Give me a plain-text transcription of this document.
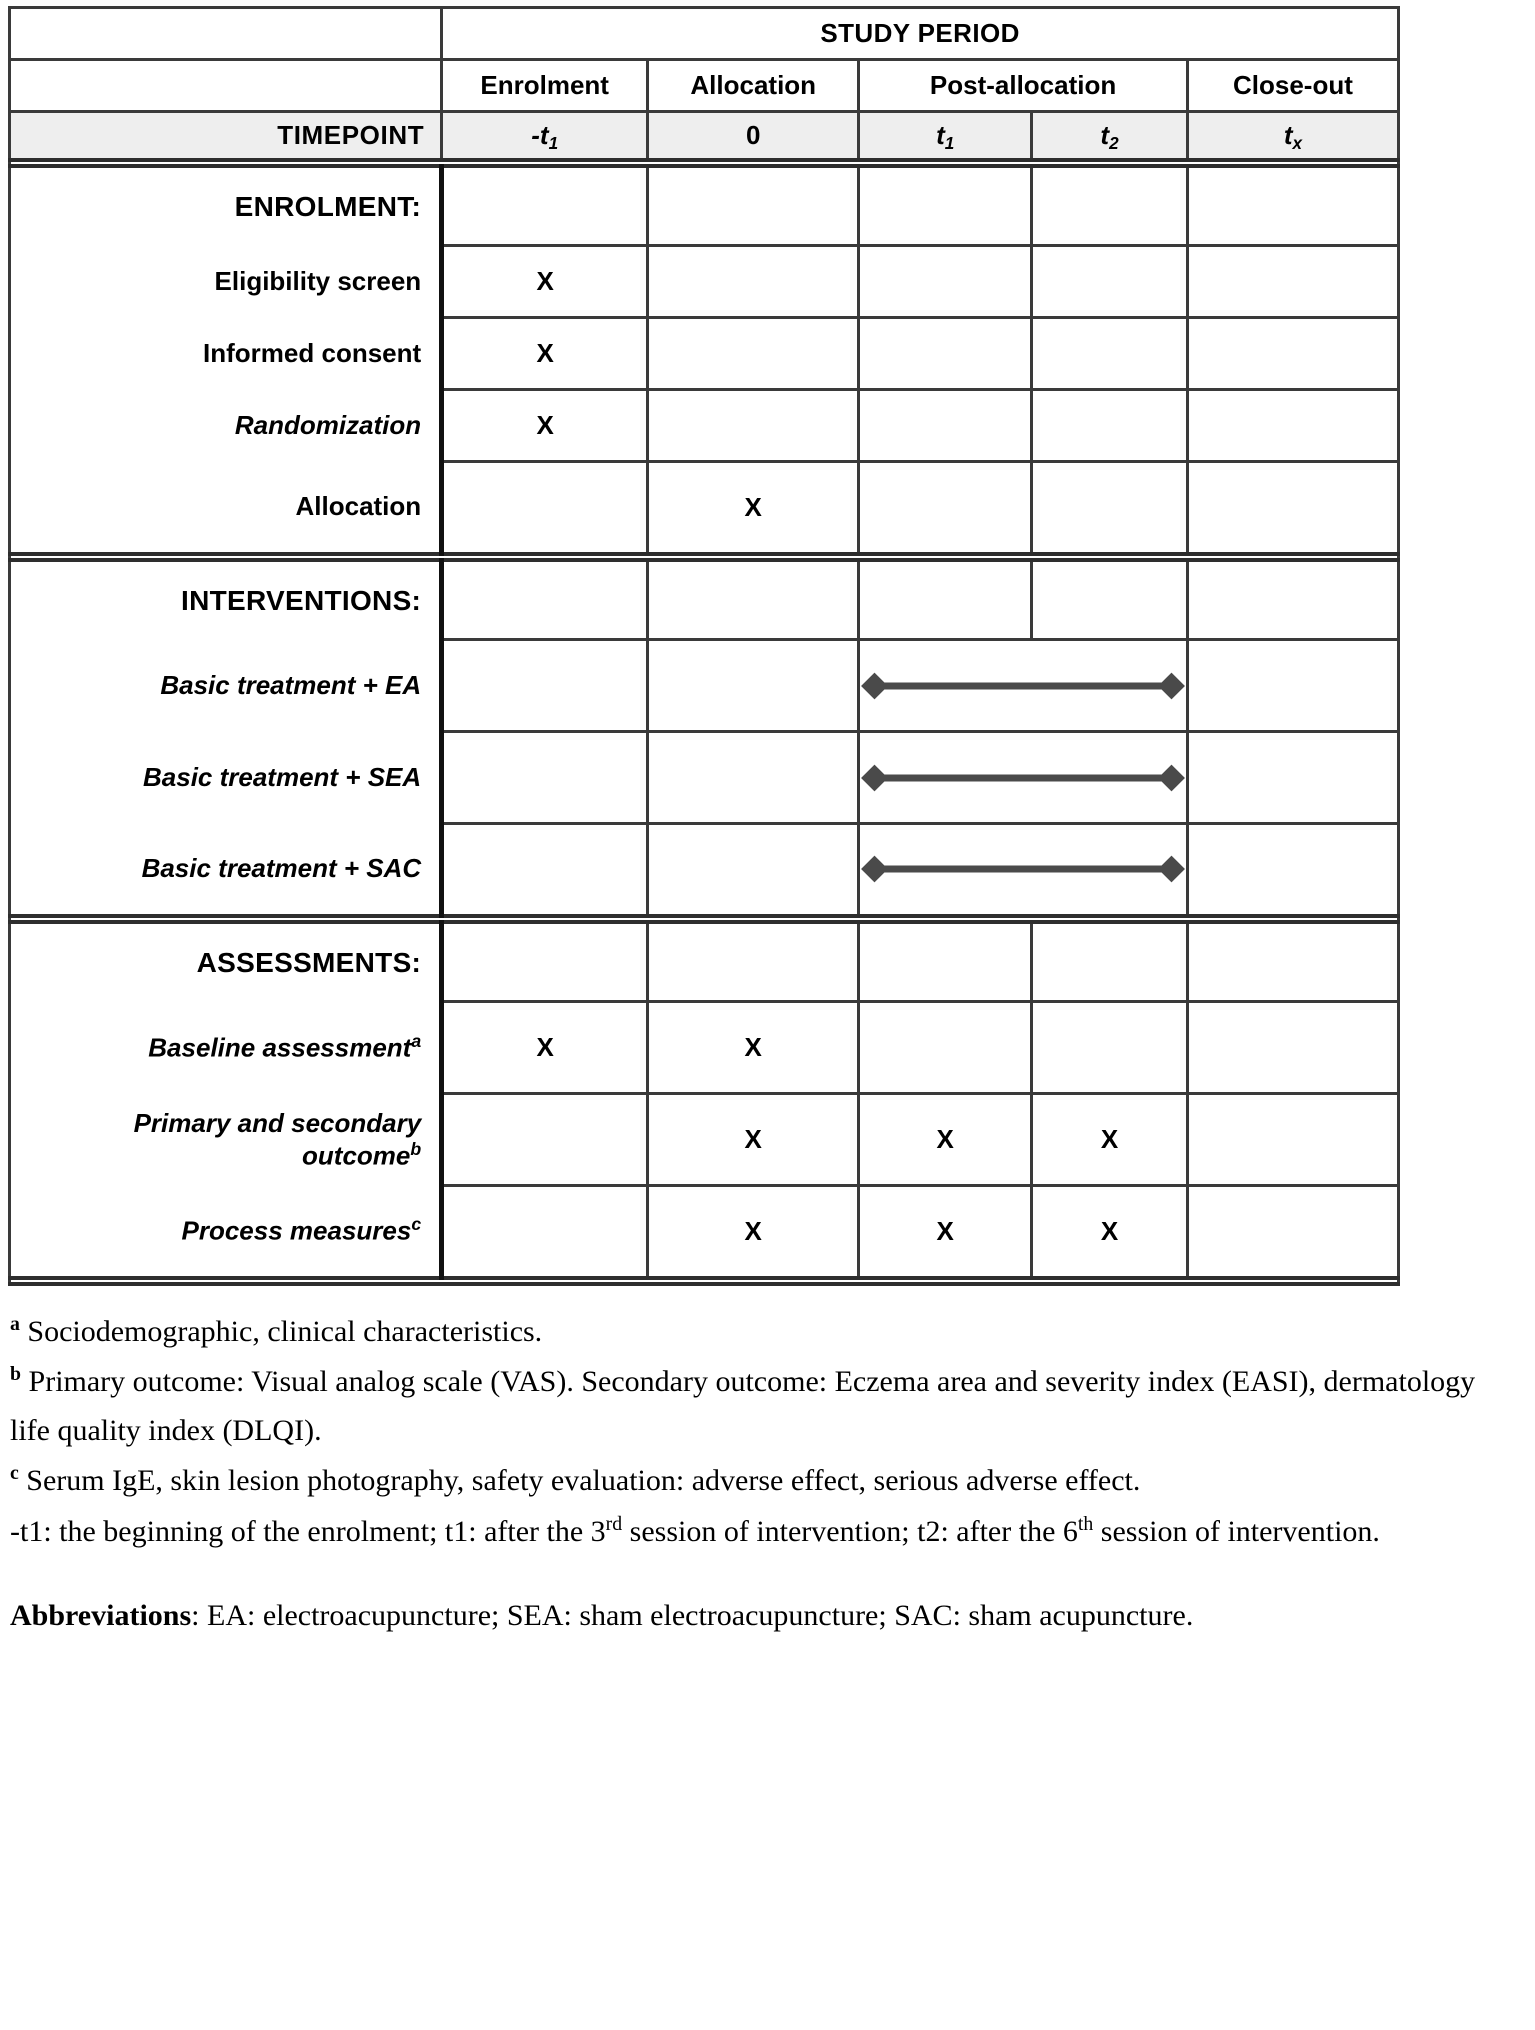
	STUDY PERIOD				
	Enrolment	Allocation	Post-allocation		Close-out
TIMEPOINT	$-t_1$	0	$t_1$	$t_2$	$t_x$

ENROLMENT:					
Eligibility screen	X				
Informed consent	X				
Randomization	X				
Allocation		X			

INTERVENTIONS:					
Basic treatment + EA				

Basic treatment + SEA				

Basic treatment + SAC				

ASSESSMENTS:					
Baseline assessment$^a$	X	X			
Primary and secondary outcome$^b$		X	X	X	
Process measures$^c$		X	X	X	

$^a$ Sociodemographic, clinical characteristics.

$^b$ Primary outcome: Visual analog scale (VAS). Secondary outcome: Eczema area and severity index (EASI), dermatology life quality index (DLQI).

$^c$ Serum IgE, skin lesion photography, safety evaluation: adverse effect, serious adverse effect.

-t1: the beginning of the enrolment; t1: after the 3rd session of intervention; t2: after the 6th session of intervention.

Abbreviations: EA: electroacupuncture; SEA: sham electroacupuncture; SAC: sham acupuncture.
